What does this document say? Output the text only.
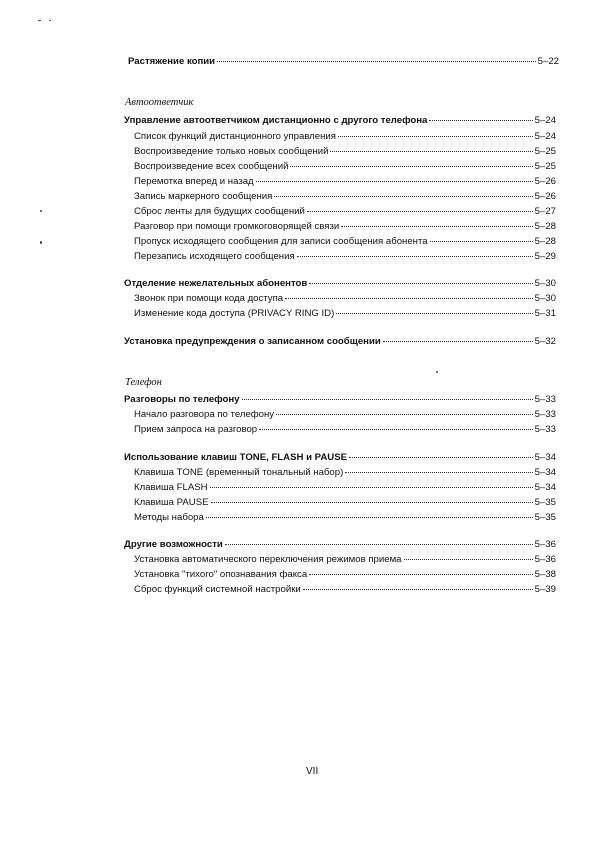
Растяжение копии	5–22
Автоответчик
Управление автоответчиком дистанционно с другого телефона	5–24
Список функций дистанционного управления	5–24
Воспроизведение только новых сообщений	5–25
Воспроизведение всех сообщений	5–25
Перемотка вперед и назад	5–26
Запись маркерного сообщения	5–26
Сброс ленты для будущих сообщений	5–27
Разговор при помощи громкоговорящей связи	5–28
Пропуск исходящего сообщения для записи сообщения абонента	5–28
Перезапись исходящего сообщения	5–29
Отделение нежелательных абонентов	5–30
Звонок при помощи кода доступа	5–30
Изменение кода доступа (PRIVACY RING ID)	5–31
Установка предупреждения о записанном сообщении	5–32
Телефон
Разговоры по телефону	5–33
Начало разговора по телефону	5–33
Прием запроса на разговор	5–33
Использование клавиш TONE, FLASH и PAUSE	5–34
Клавиша TONE (временный тональный набор)	5–34
Клавиша FLASH	5–34
Клавиша PAUSE	5–35
Методы набора	5–35
Другие возможности	5–36
Установка автоматического переключения режимов приема	5–36
Установка "тихого" опознавания факса	5–38
Сброс функций системной настройки	5–39
VII
